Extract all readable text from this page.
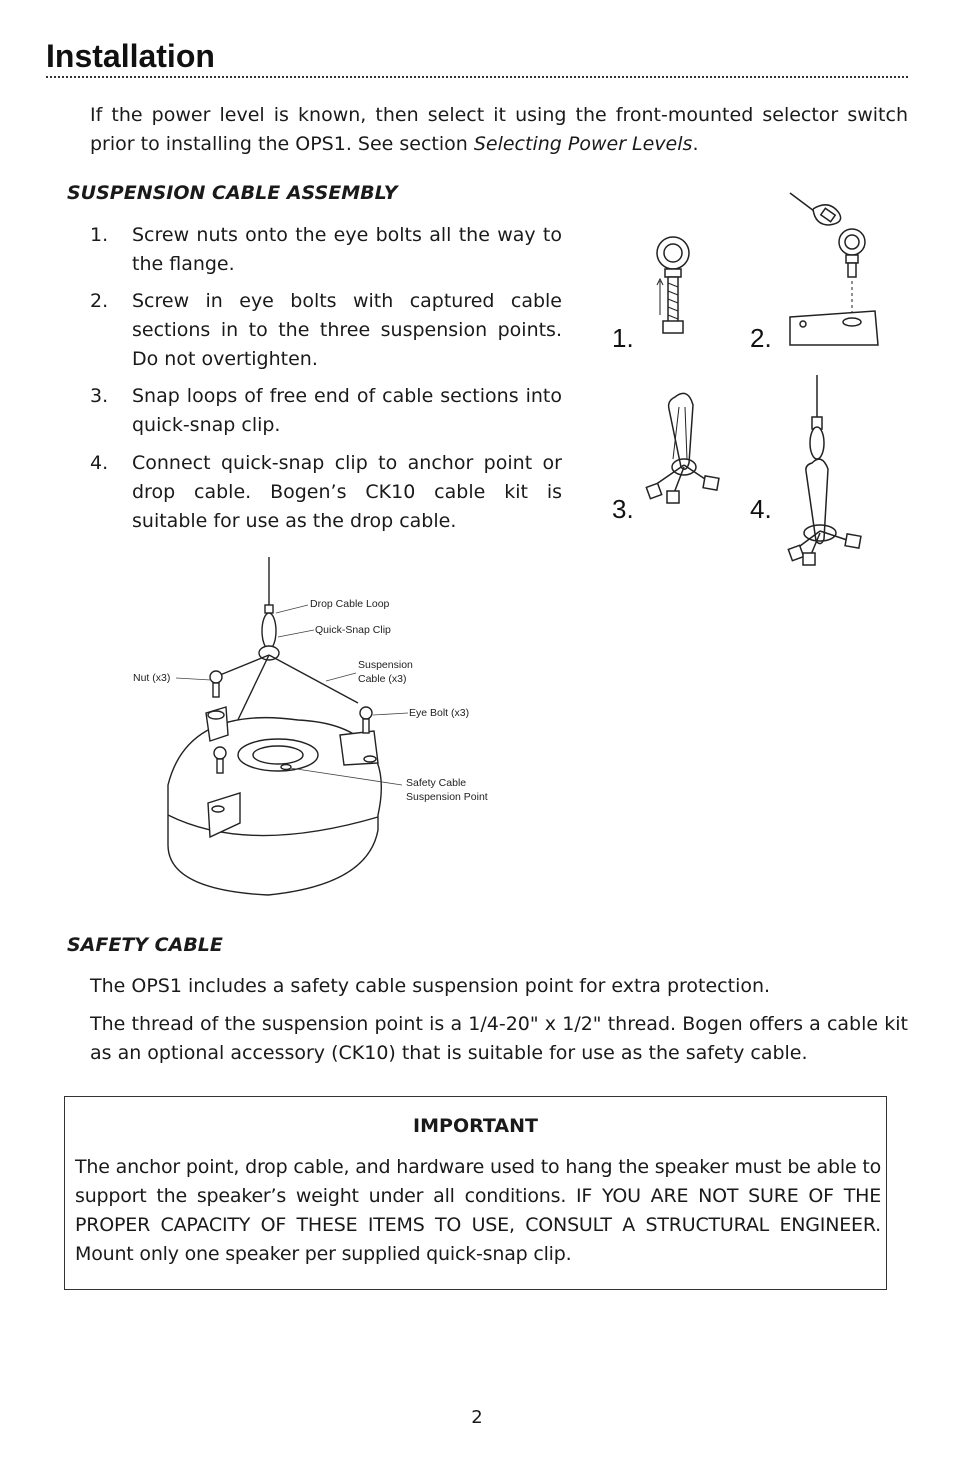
Installation
If the power level is known, then select it using the front-mounted selector switch prior to installing the OPS1. See section Selecting Power Levels.
SUSPENSION CABLE ASSEMBLY
1. Screw nuts onto the eye bolts all the way to the flange.
2. Screw in eye bolts with captured cable sections in to the three suspension points. Do not overtighten.
3. Snap loops of free end of cable sections into quick-snap clip.
4. Connect quick-snap clip to anchor point or drop cable. Bogen’s CK10 cable kit is suitable for use as the drop cable.
1.	2.
3.	4.
Drop Cable Loop
Quick-Snap Clip
Nut (x3)
Suspension
Cable (x3)
Eye Bolt (x3)
Safety Cable
Suspension Point
SAFETY CABLE
The OPS1 includes a safety cable suspension point for extra protection.
The thread of the suspension point is a 1/4-20" x 1/2" thread. Bogen offers a cable kit as an optional accessory (CK10) that is suitable for use as the safety cable.
IMPORTANT
The anchor point, drop cable, and hardware used to hang the speaker must be able to support the speaker’s weight under all conditions. IF YOU ARE NOT SURE OF THE PROPER CAPACITY OF THESE ITEMS TO USE, CONSULT A STRUCTURAL ENGINEER. Mount only one speaker per supplied quick-snap clip.
2
